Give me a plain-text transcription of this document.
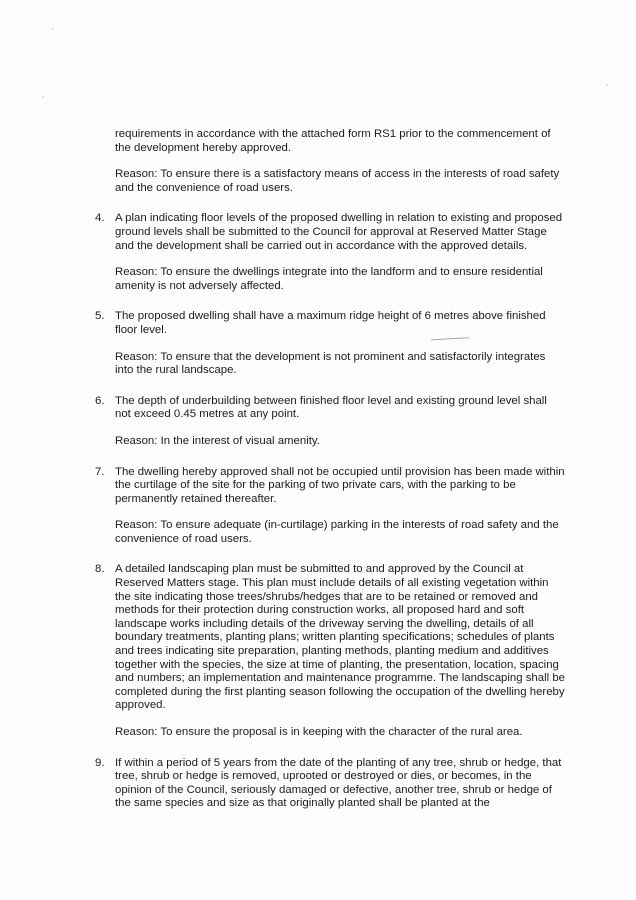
requirements in accordance with the attached form RS1 prior to the commencement of the development hereby approved.

Reason: To ensure there is a satisfactory means of access in the interests of road safety and the convenience of road users.

4. A plan indicating floor levels of the proposed dwelling in relation to existing and proposed ground levels shall be submitted to the Council for approval at Reserved Matter Stage and the development shall be carried out in accordance with the approved details.

Reason: To ensure the dwellings integrate into the landform and to ensure residential amenity is not adversely affected.

5. The proposed dwelling shall have a maximum ridge height of 6 metres above finished floor level.

Reason: To ensure that the development is not prominent and satisfactorily integrates into the rural landscape.

6. The depth of underbuilding between finished floor level and existing ground level shall not exceed 0.45 metres at any point.

Reason: In the interest of visual amenity.

7. The dwelling hereby approved shall not be occupied until provision has been made within the curtilage of the site for the parking of two private cars, with the parking to be permanently retained thereafter.

Reason: To ensure adequate (in-curtilage) parking in the interests of road safety and the convenience of road users.

8. A detailed landscaping plan must be submitted to and approved by the Council at Reserved Matters stage. This plan must include details of all existing vegetation within the site indicating those trees/shrubs/hedges that are to be retained or removed and methods for their protection during construction works, all proposed hard and soft landscape works including details of the driveway serving the dwelling, details of all boundary treatments, planting plans; written planting specifications; schedules of plants and trees indicating site preparation, planting methods, planting medium and additives together with the species, the size at time of planting, the presentation, location, spacing and numbers; an implementation and maintenance programme. The landscaping shall be completed during the first planting season following the occupation of the dwelling hereby approved.

Reason: To ensure the proposal is in keeping with the character of the rural area.

9. If within a period of 5 years from the date of the planting of any tree, shrub or hedge, that tree, shrub or hedge is removed, uprooted or destroyed or dies, or becomes, in the opinion of the Council, seriously damaged or defective, another tree, shrub or hedge of the same species and size as that originally planted shall be planted at the
